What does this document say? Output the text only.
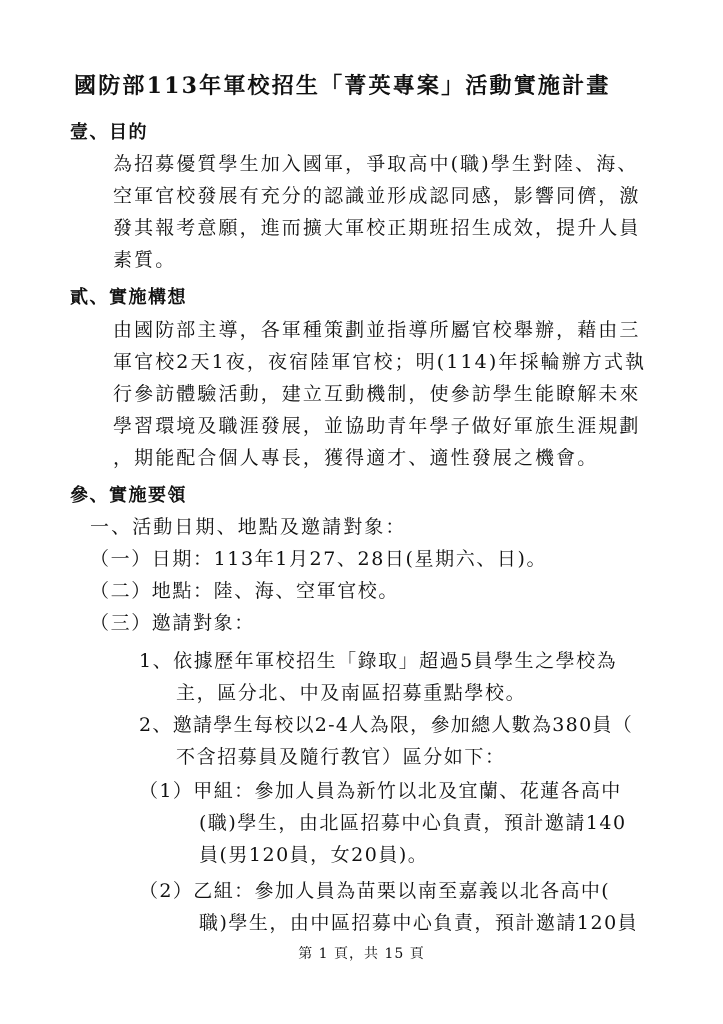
國防部113年軍校招生「菁英專案」活動實施計畫
壹、目的
為招募優質學生加入國軍，爭取高中(職)學生對陸、海、
空軍官校發展有充分的認識並形成認同感，影響同儕，激
發其報考意願，進而擴大軍校正期班招生成效，提升人員
素質。
貳、實施構想
由國防部主導，各軍種策劃並指導所屬官校舉辦，藉由三
軍官校2天1夜，夜宿陸軍官校；明(114)年採輪辦方式執
行參訪體驗活動，建立互動機制，使參訪學生能瞭解未來
學習環境及職涯發展，並協助青年學子做好軍旅生涯規劃
，期能配合個人專長，獲得適才、適性發展之機會。
參、實施要領
一、活動日期、地點及邀請對象：
（一）日期：113年1月27、28日(星期六、日)。
（二）地點：陸、海、空軍官校。
（三）邀請對象：
1、依據歷年軍校招生「錄取」超過5員學生之學校為
主，區分北、中及南區招募重點學校。
2、邀請學生每校以2-4人為限，參加總人數為380員（
不含招募員及隨行教官）區分如下：
（1）甲組：參加人員為新竹以北及宜蘭、花蓮各高中
(職)學生，由北區招募中心負責，預計邀請140
員(男120員，女20員)。
（2）乙組：參加人員為苗栗以南至嘉義以北各高中(
職)學生，由中區招募中心負責，預計邀請120員
第 1 頁，共 15 頁
